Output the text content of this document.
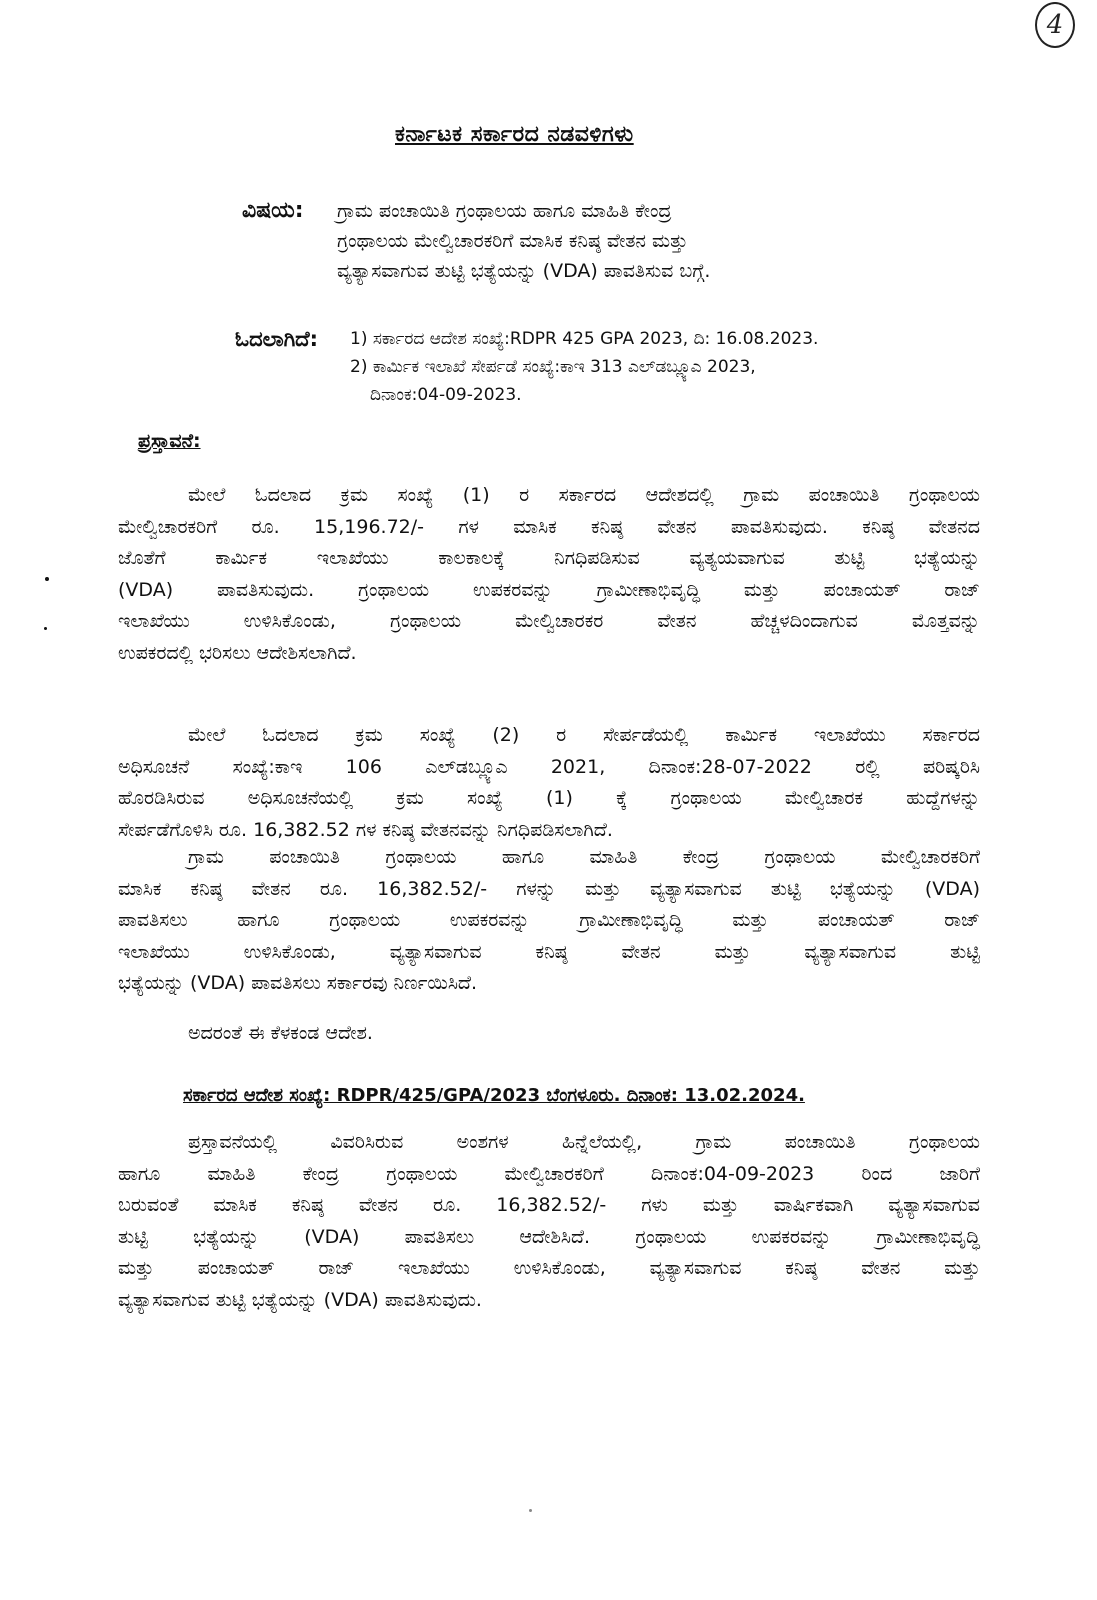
4
ಕರ್ನಾಟಕ ಸರ್ಕಾರದ ನಡವಳಿಗಳು
ವಿಷಯ:	ಗ್ರಾಮ ಪಂಚಾಯಿತಿ ಗ್ರಂಥಾಲಯ ಹಾಗೂ ಮಾಹಿತಿ ಕೇಂದ್ರ
ಗ್ರಂಥಾಲಯ ಮೇಲ್ವಿಚಾರಕರಿಗೆ ಮಾಸಿಕ ಕನಿಷ್ಠ ವೇತನ ಮತ್ತು
ವ್ಯತ್ಯಾಸವಾಗುವ ತುಟ್ಟಿ ಭತ್ಯೆಯನ್ನು (VDA) ಪಾವತಿಸುವ ಬಗ್ಗೆ.
ಓದಲಾಗಿದೆ:	1) ಸರ್ಕಾರದ ಆದೇಶ ಸಂಖ್ಯೆ:RDPR 425 GPA 2023, ದಿ: 16.08.2023.
2) ಕಾರ್ಮಿಕ ಇಲಾಖೆ ಸೇರ್ಪಡೆ ಸಂಖ್ಯೆ:ಕಾಇ 313 ಎಲ್‌ಡಬ್ಲ್ಯೂಎ 2023,
ದಿನಾಂಕ:04-09-2023.
ಪ್ರಸ್ತಾವನೆ:
ಮೇಲೆ ಓದಲಾದ ಕ್ರಮ ಸಂಖ್ಯೆ (1) ರ ಸರ್ಕಾರದ ಆದೇಶದಲ್ಲಿ ಗ್ರಾಮ ಪಂಚಾಯಿತಿ ಗ್ರಂಥಾಲಯ
ಮೇಲ್ವಿಚಾರಕರಿಗೆ ರೂ. 15,196.72/- ಗಳ ಮಾಸಿಕ ಕನಿಷ್ಠ ವೇತನ ಪಾವತಿಸುವುದು. ಕನಿಷ್ಠ ವೇತನದ
ಜೊತೆಗೆ ಕಾರ್ಮಿಕ ಇಲಾಖೆಯು ಕಾಲಕಾಲಕ್ಕೆ ನಿಗಧಿಪಡಿಸುವ ವ್ಯತ್ಯಯವಾಗುವ ತುಟ್ಟಿ ಭತ್ಯೆಯನ್ನು
(VDA) ಪಾವತಿಸುವುದು. ಗ್ರಂಥಾಲಯ ಉಪಕರವನ್ನು ಗ್ರಾಮೀಣಾಭಿವೃದ್ಧಿ ಮತ್ತು ಪಂಚಾಯತ್ ರಾಜ್
ಇಲಾಖೆಯು ಉಳಿಸಿಕೊಂಡು, ಗ್ರಂಥಾಲಯ ಮೇಲ್ವಿಚಾರಕರ ವೇತನ ಹೆಚ್ಚಳದಿಂದಾಗುವ ಮೊತ್ತವನ್ನು
ಉಪಕರದಲ್ಲಿ ಭರಿಸಲು ಆದೇಶಿಸಲಾಗಿದೆ.
ಮೇಲೆ ಓದಲಾದ ಕ್ರಮ ಸಂಖ್ಯೆ (2) ರ ಸೇರ್ಪಡೆಯಲ್ಲಿ ಕಾರ್ಮಿಕ ಇಲಾಖೆಯು ಸರ್ಕಾರದ
ಅಧಿಸೂಚನೆ ಸಂಖ್ಯೆ:ಕಾಇ 106 ಎಲ್‌ಡಬ್ಲ್ಯೂಎ 2021, ದಿನಾಂಕ:28-07-2022 ರಲ್ಲಿ ಪರಿಷ್ಕರಿಸಿ
ಹೊರಡಿಸಿರುವ ಅಧಿಸೂಚನೆಯಲ್ಲಿ ಕ್ರಮ ಸಂಖ್ಯೆ (1) ಕ್ಕೆ ಗ್ರಂಥಾಲಯ ಮೇಲ್ವಿಚಾರಕ ಹುದ್ದೆಗಳನ್ನು
ಸೇರ್ಪಡೆಗೊಳಿಸಿ ರೂ. 16,382.52 ಗಳ ಕನಿಷ್ಠ ವೇತನವನ್ನು ನಿಗಧಿಪಡಿಸಲಾಗಿದೆ.
ಗ್ರಾಮ ಪಂಚಾಯಿತಿ ಗ್ರಂಥಾಲಯ ಹಾಗೂ ಮಾಹಿತಿ ಕೇಂದ್ರ ಗ್ರಂಥಾಲಯ ಮೇಲ್ವಿಚಾರಕರಿಗೆ
ಮಾಸಿಕ ಕನಿಷ್ಠ ವೇತನ ರೂ. 16,382.52/- ಗಳನ್ನು ಮತ್ತು ವ್ಯತ್ಯಾಸವಾಗುವ ತುಟ್ಟಿ ಭತ್ಯೆಯನ್ನು (VDA)
ಪಾವತಿಸಲು ಹಾಗೂ ಗ್ರಂಥಾಲಯ ಉಪಕರವನ್ನು ಗ್ರಾಮೀಣಾಭಿವೃದ್ಧಿ ಮತ್ತು ಪಂಚಾಯತ್ ರಾಜ್
ಇಲಾಖೆಯು ಉಳಿಸಿಕೊಂಡು, ವ್ಯತ್ಯಾಸವಾಗುವ ಕನಿಷ್ಠ ವೇತನ ಮತ್ತು ವ್ಯತ್ಯಾಸವಾಗುವ ತುಟ್ಟಿ
ಭತ್ಯೆಯನ್ನು (VDA) ಪಾವತಿಸಲು ಸರ್ಕಾರವು ನಿರ್ಣಯಿಸಿದೆ.
ಅದರಂತೆ ಈ ಕೆಳಕಂಡ ಆದೇಶ.
ಸರ್ಕಾರದ ಆದೇಶ ಸಂಖ್ಯೆ: RDPR/425/GPA/2023 ಬೆಂಗಳೂರು. ದಿನಾಂಕ: 13.02.2024.
ಪ್ರಸ್ತಾವನೆಯಲ್ಲಿ ವಿವರಿಸಿರುವ ಅಂಶಗಳ ಹಿನ್ನೆಲೆಯಲ್ಲಿ, ಗ್ರಾಮ ಪಂಚಾಯಿತಿ ಗ್ರಂಥಾಲಯ
ಹಾಗೂ ಮಾಹಿತಿ ಕೇಂದ್ರ ಗ್ರಂಥಾಲಯ ಮೇಲ್ವಿಚಾರಕರಿಗೆ ದಿನಾಂಕ:04-09-2023 ರಿಂದ ಜಾರಿಗೆ
ಬರುವಂತೆ ಮಾಸಿಕ ಕನಿಷ್ಠ ವೇತನ ರೂ. 16,382.52/- ಗಳು ಮತ್ತು ವಾರ್ಷಿಕವಾಗಿ ವ್ಯತ್ಯಾಸವಾಗುವ
ತುಟ್ಟಿ ಭತ್ಯೆಯನ್ನು (VDA) ಪಾವತಿಸಲು ಆದೇಶಿಸಿದೆ. ಗ್ರಂಥಾಲಯ ಉಪಕರವನ್ನು ಗ್ರಾಮೀಣಾಭಿವೃದ್ಧಿ
ಮತ್ತು ಪಂಚಾಯತ್ ರಾಜ್ ಇಲಾಖೆಯು ಉಳಿಸಿಕೊಂಡು, ವ್ಯತ್ಯಾಸವಾಗುವ ಕನಿಷ್ಠ ವೇತನ ಮತ್ತು
ವ್ಯತ್ಯಾಸವಾಗುವ ತುಟ್ಟಿ ಭತ್ಯೆಯನ್ನು (VDA) ಪಾವತಿಸುವುದು.
